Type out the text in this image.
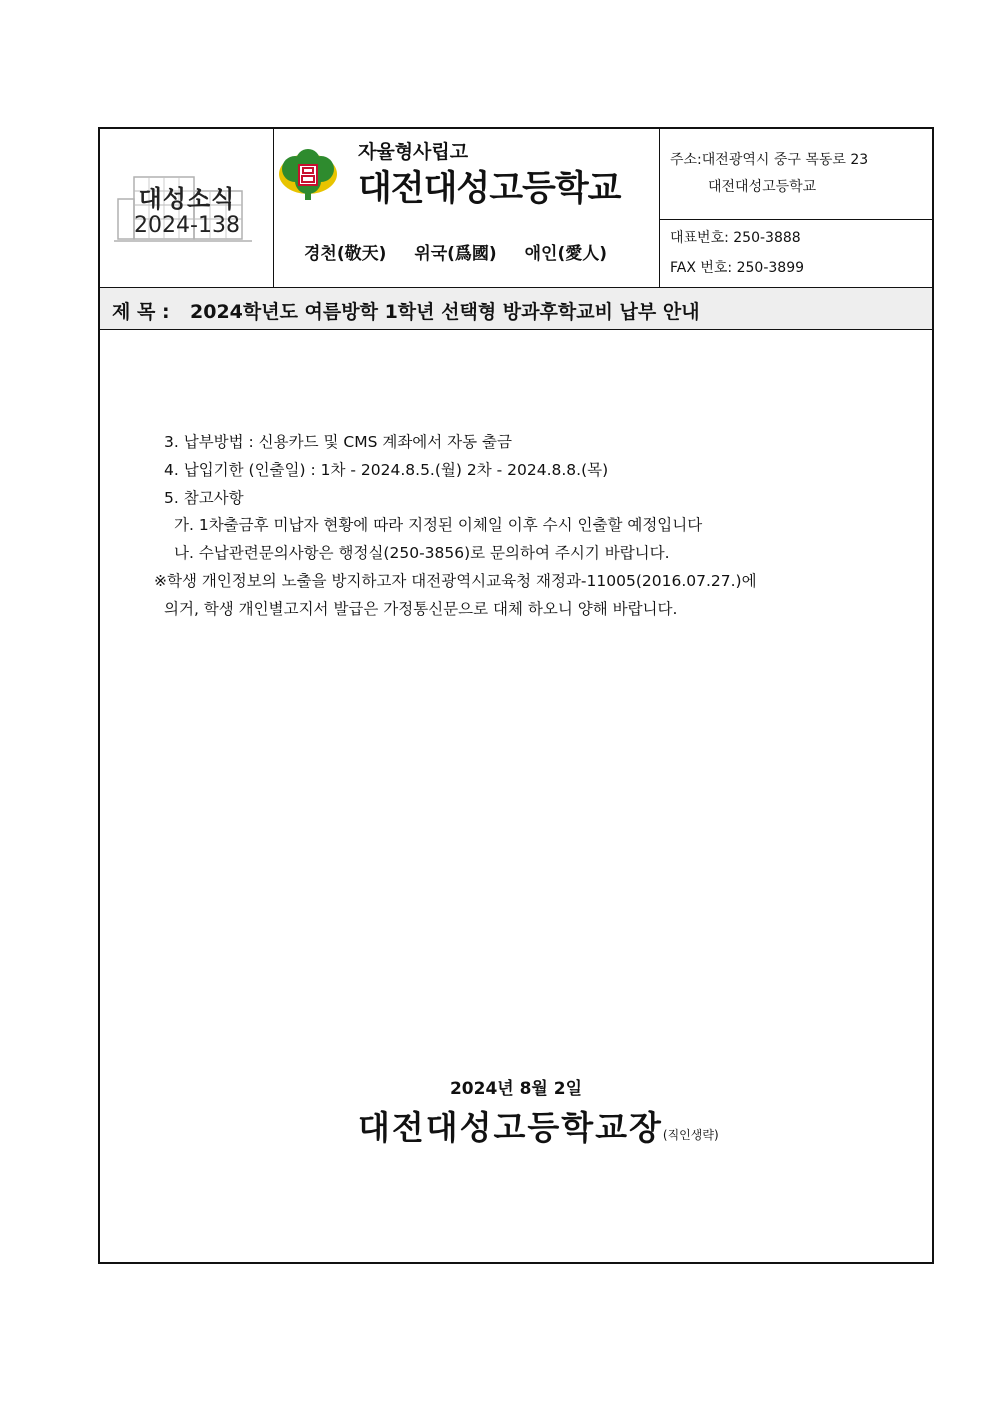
대성소식
2024-138
자율형사립고
대전대성고등학교
경천(敬天) 위국(爲國) 애인(愛人)
주소:대전광역시 중구 목동로 23
대전대성고등학교
대표번호: 250-3888
FAX 번호: 250-3899
제 목 : 2024학년도 여름방학 1학년 선택형 방과후학교비 납부 안내
3. 납부방법 : 신용카드 및 CMS 계좌에서 자동 출금
4. 납입기한 (인출일) : 1차 - 2024.8.5.(월) 2차 - 2024.8.8.(목)
5. 참고사항
가. 1차출금후 미납자 현황에 따라 지정된 이체일 이후 수시 인출할 예정입니다
나. 수납관련문의사항은 행정실(250-3856)로 문의하여 주시기 바랍니다.
※학생 개인정보의 노출을 방지하고자 대전광역시교육청 재정과-11005(2016.07.27.)에
의거, 학생 개인별고지서 발급은 가정통신문으로 대체 하오니 양해 바랍니다.
2024년 8월 2일
대전대성고등학교장(직인생략)
